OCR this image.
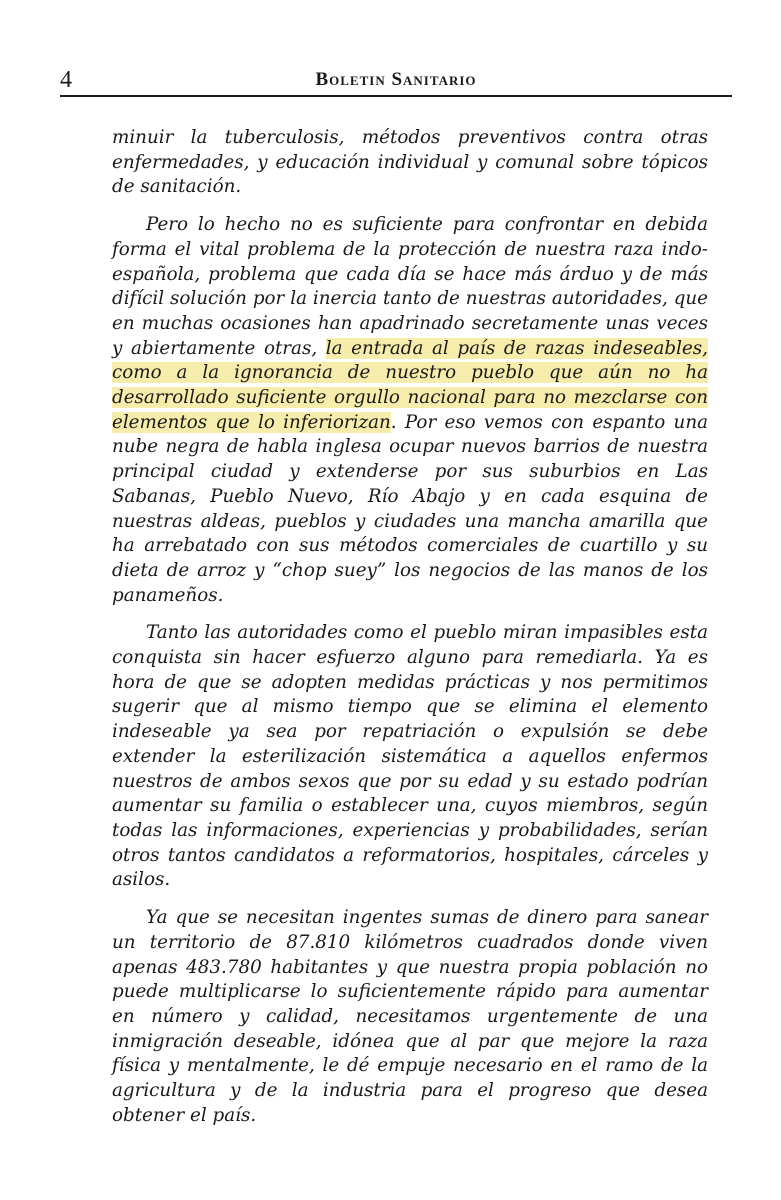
4	Boletin Sanitario

minuir la tuberculosis, métodos preventivos contra otras enfermedades, y educación individual y comunal sobre tópicos de sanitación.

Pero lo hecho no es suficiente para confrontar en debida forma el vital problema de la protección de nuestra raza indo-española, problema que cada día se hace más árduo y de más difícil solución por la inercia tanto de nuestras autoridades, que en muchas ocasiones han apadrinado secretamente unas veces y abiertamente otras, la entrada al país de razas indeseables, como a la ignorancia de nuestro pueblo que aún no ha desarrollado suficiente orgullo nacional para no mezclarse con elementos que lo inferiorizan. Por eso vemos con espanto una nube negra de habla inglesa ocupar nuevos barrios de nuestra principal ciudad y extenderse por sus suburbios en Las Sabanas, Pueblo Nuevo, Río Abajo y en cada esquina de nuestras aldeas, pueblos y ciudades una mancha amarilla que ha arrebatado con sus métodos comerciales de cuartillo y su dieta de arroz y “chop suey” los negocios de las manos de los panameños.

Tanto las autoridades como el pueblo miran impasibles esta conquista sin hacer esfuerzo alguno para remediarla. Ya es hora de que se adopten medidas prácticas y nos permitimos sugerir que al mismo tiempo que se elimina el elemento indeseable ya sea por repatriación o expulsión se debe extender la esterilización sistemática a aquellos enfermos nuestros de ambos sexos que por su edad y su estado podrían aumentar su familia o establecer una, cuyos miembros, según todas las informaciones, experiencias y probabilidades, serían otros tantos candidatos a reformatorios, hospitales, cárceles y asilos.

Ya que se necesitan ingentes sumas de dinero para sanear un territorio de 87.810 kilómetros cuadrados donde viven apenas 483.780 habitantes y que nuestra propia población no puede multiplicarse lo suficientemente rápido para aumentar en número y calidad, necesitamos urgentemente de una inmigración deseable, idónea que al par que mejore la raza física y mentalmente, le dé empuje necesario en el ramo de la agricultura y de la industria para el progreso que desea obtener el país.
